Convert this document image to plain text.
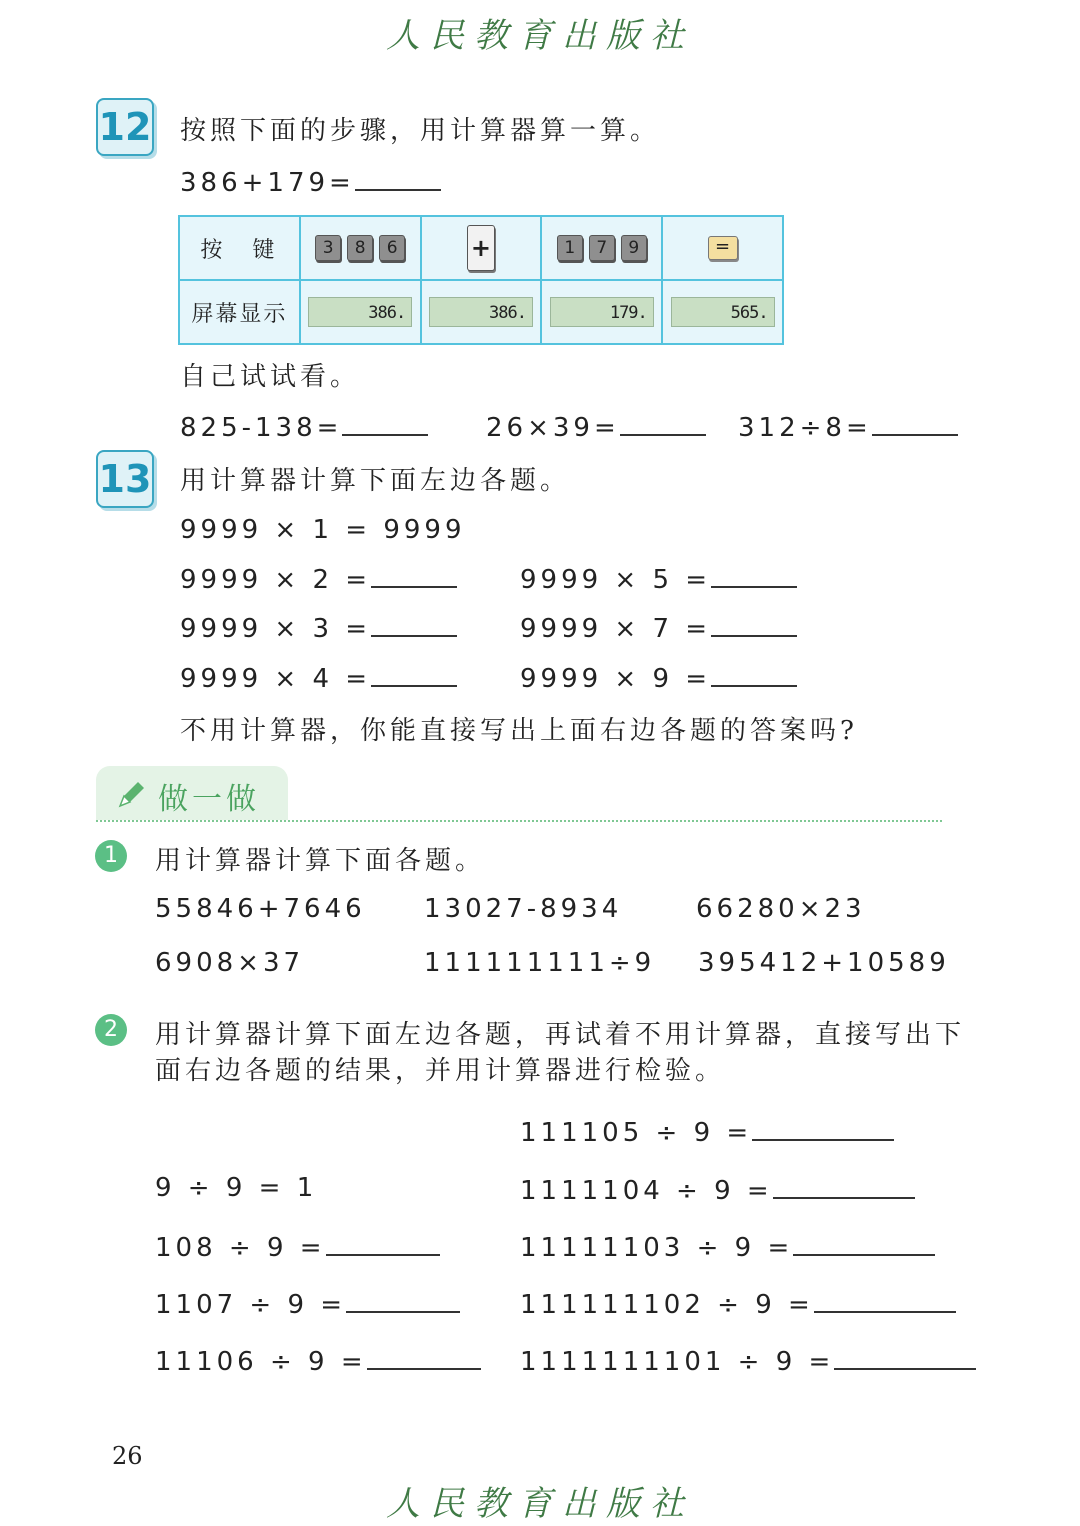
人民教育出版社
12 按照下面的步骤，用计算器算一算。
386+179=
按　键	3 8 6	+	1 7 9	=
屏幕显示	386.	386.	179.	565.
自己试试看。
825-138=	26×39=	312÷8=
13 用计算器计算下面左边各题。
9999 × 1 = 9999
9999 × 2 =
9999 × 3 =
9999 × 4 =
9999 × 5 =
9999 × 7 =
9999 × 9 =
不用计算器，你能直接写出上面右边各题的答案吗?
做一做
1	用计算器计算下面各题。
55846+7646 13027-8934	66280×23
6908×37	111111111÷9 395412+10589
2	用计算器计算下面左边各题，再试着不用计算器，直接写出下
面右边各题的结果，并用计算器进行检验。
9 ÷ 9 = 1
108 ÷ 9 =
1107 ÷ 9 =
11106 ÷ 9 =
111105 ÷ 9 =
1111104 ÷ 9 =
11111103 ÷ 9 =
111111102 ÷ 9 =
1111111101 ÷ 9 =
26
人民教育出版社
